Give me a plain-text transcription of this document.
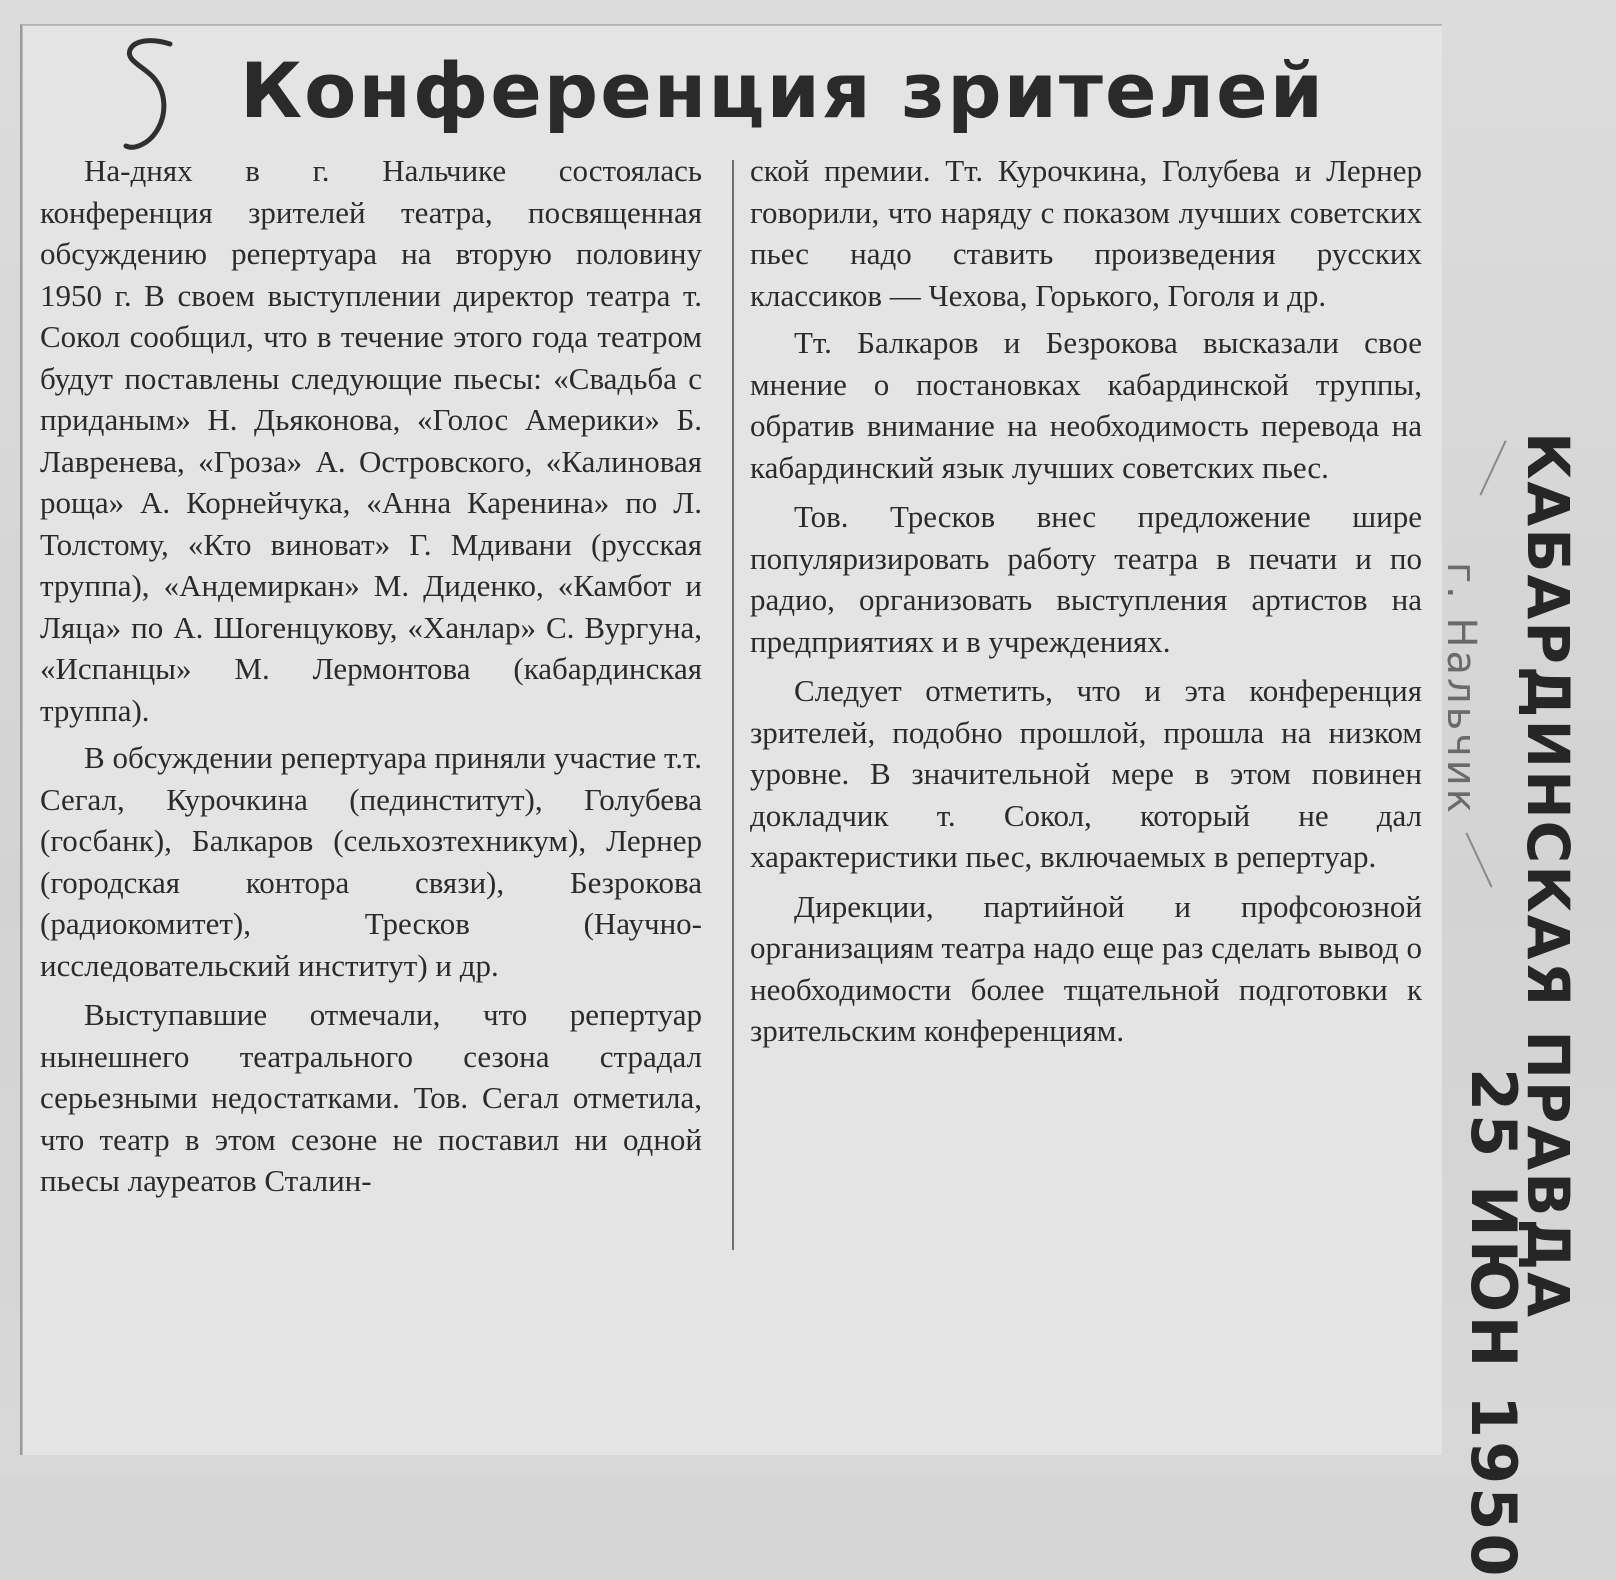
Конференция зрителей

На-днях в г. Нальчике состоялась конференция зрителей театра, посвященная обсуждению репертуара на вторую половину 1950 г. В своем выступлении директор театра т. Сокол сообщил, что в течение этого года театром будут поставлены следующие пьесы: «Свадьба с приданым» Н. Дьяконова, «Голос Америки» Б. Лавренева, «Гроза» А. Островского, «Калиновая роща» А. Корнейчука, «Анна Каренина» по Л. Толстому, «Кто виноват» Г. Мдивани (русская труппа), «Андемиркан» М. Диденко, «Камбот и Ляца» по А. Шогенцукову, «Ханлар» С. Вургуна, «Испанцы» М. Лермонтова (кабардинская труппа).

В обсуждении репертуара приняли участие т.т. Сегал, Курочкина (пединститут), Голубева (госбанк), Балкаров (сельхозтехникум), Лернер (городская контора связи), Безрокова (радиокомитет), Тресков (Научно-исследовательский институт) и др.

Выступавшие отмечали, что репертуар нынешнего театрального сезона страдал серьезными недостатками. Тов. Сегал отметила, что театр в этом сезоне не поставил ни одной пьесы лауреатов Сталин-

ской премии. Тт. Курочкина, Голубева и Лернер говорили, что наряду с показом лучших советских пьес надо ставить произведения русских классиков — Чехова, Горького, Гоголя и др.

Тт. Балкаров и Безрокова высказали свое мнение о постановках кабардинской труппы, обратив внимание на необходимость перевода на кабардинский язык лучших советских пьес.

Тов. Тресков внес предложение шире популяризировать работу театра в печати и по радио, организовать выступления артистов на предприятиях и в учреждениях.

Следует отметить, что и эта конференция зрителей, подобно прошлой, прошла на низком уровне. В значительной мере в этом повинен докладчик т. Сокол, который не дал характеристики пьес, включаемых в репертуар.

Дирекции, партийной и профсоюзной организациям театра надо еще раз сделать вывод о необходимости более тщательной подготовки к зрительским конференциям.	КАБАРДИНСКАЯ ПРАВДА
г. Нальчик
25 ИЮН 1950
